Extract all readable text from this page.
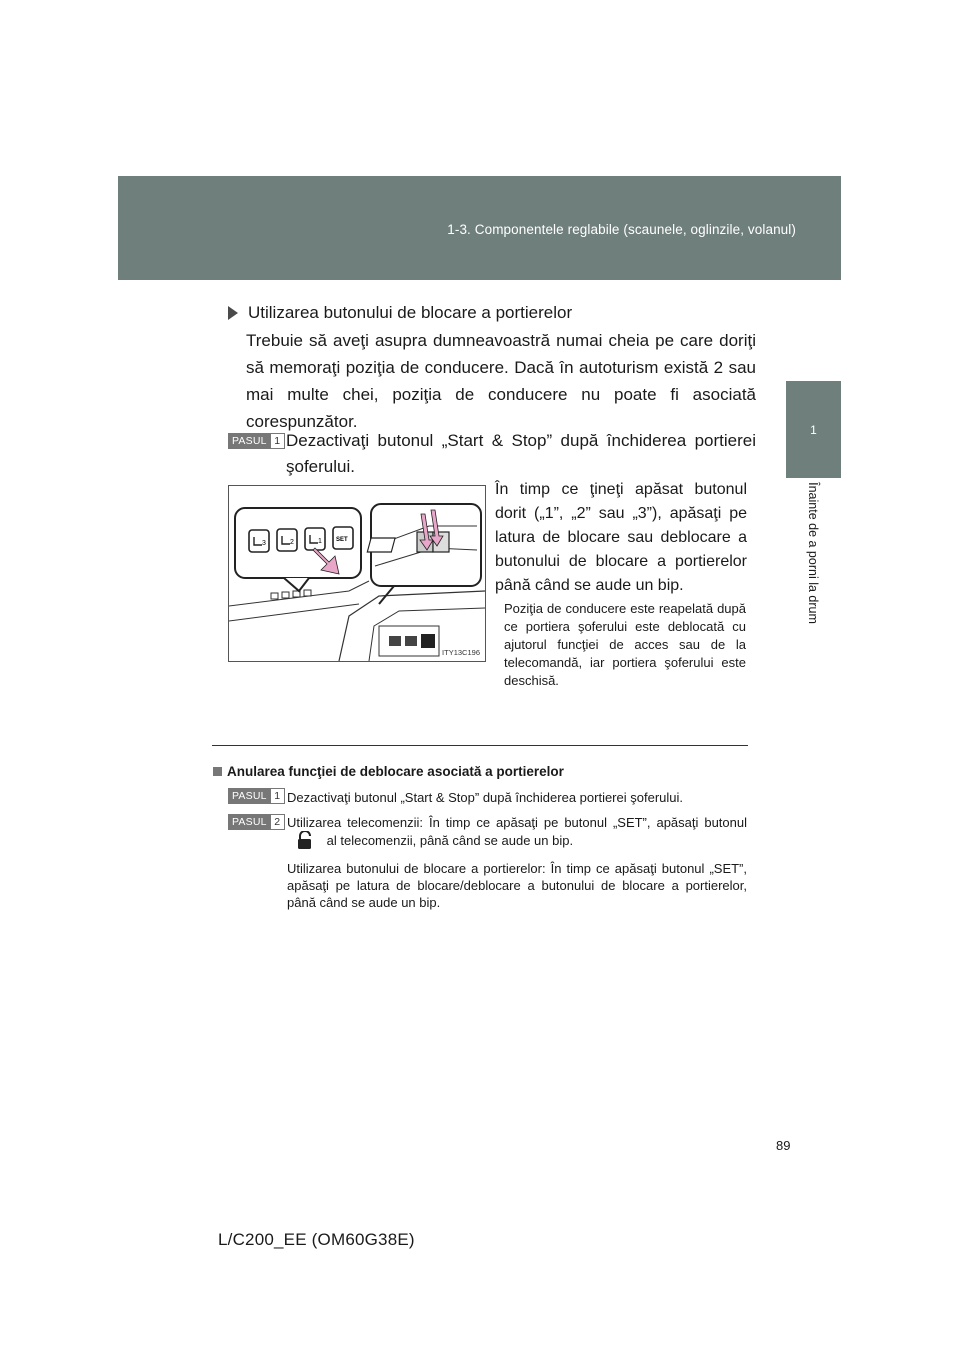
1-3. Componentele reglabile (scaunele, oglinzile, volanul)
1
Înainte de a porni la drum
Utilizarea butonului de blocare a portierelor
Trebuie să aveţi asupra dumneavoastră numai cheia pe care doriţi să memoraţi poziţia de conducere. Dacă în autoturism există 2 sau mai multe chei, poziţia de conducere nu poate fi asociată corespunzător.
PASUL 1 Dezactivaţi butonul „Start & Stop” după închiderea portierei şoferului.
3	2	1 SET
ITY13C196
În timp ce ţineţi apăsat butonul dorit („1”, „2” sau „3”), apăsaţi pe latura de blocare sau deblocare a butonului de blocare a portierelor până când se aude un bip.
Poziţia de conducere este reapelată după ce portiera şoferului este deblocată cu ajutorul funcţiei de acces sau de la telecomandă, iar portiera şoferului este deschisă.
Anularea funcţiei de deblocare asociată a portierelor
PASUL 1 Dezactivaţi butonul „Start & Stop” după închiderea portierei şoferului.
PASUL 2 Utilizarea telecomenzii: În timp ce apăsaţi pe butonul „SET”, apăsaţi butonul  al telecomenzii, până când se aude un bip.
Utilizarea butonului de blocare a portierelor: În timp ce apăsaţi butonul „SET”, apăsaţi pe latura de blocare/deblocare a butonului de blocare a portierelor, până când se aude un bip.
89
L/C200_EE (OM60G38E)
